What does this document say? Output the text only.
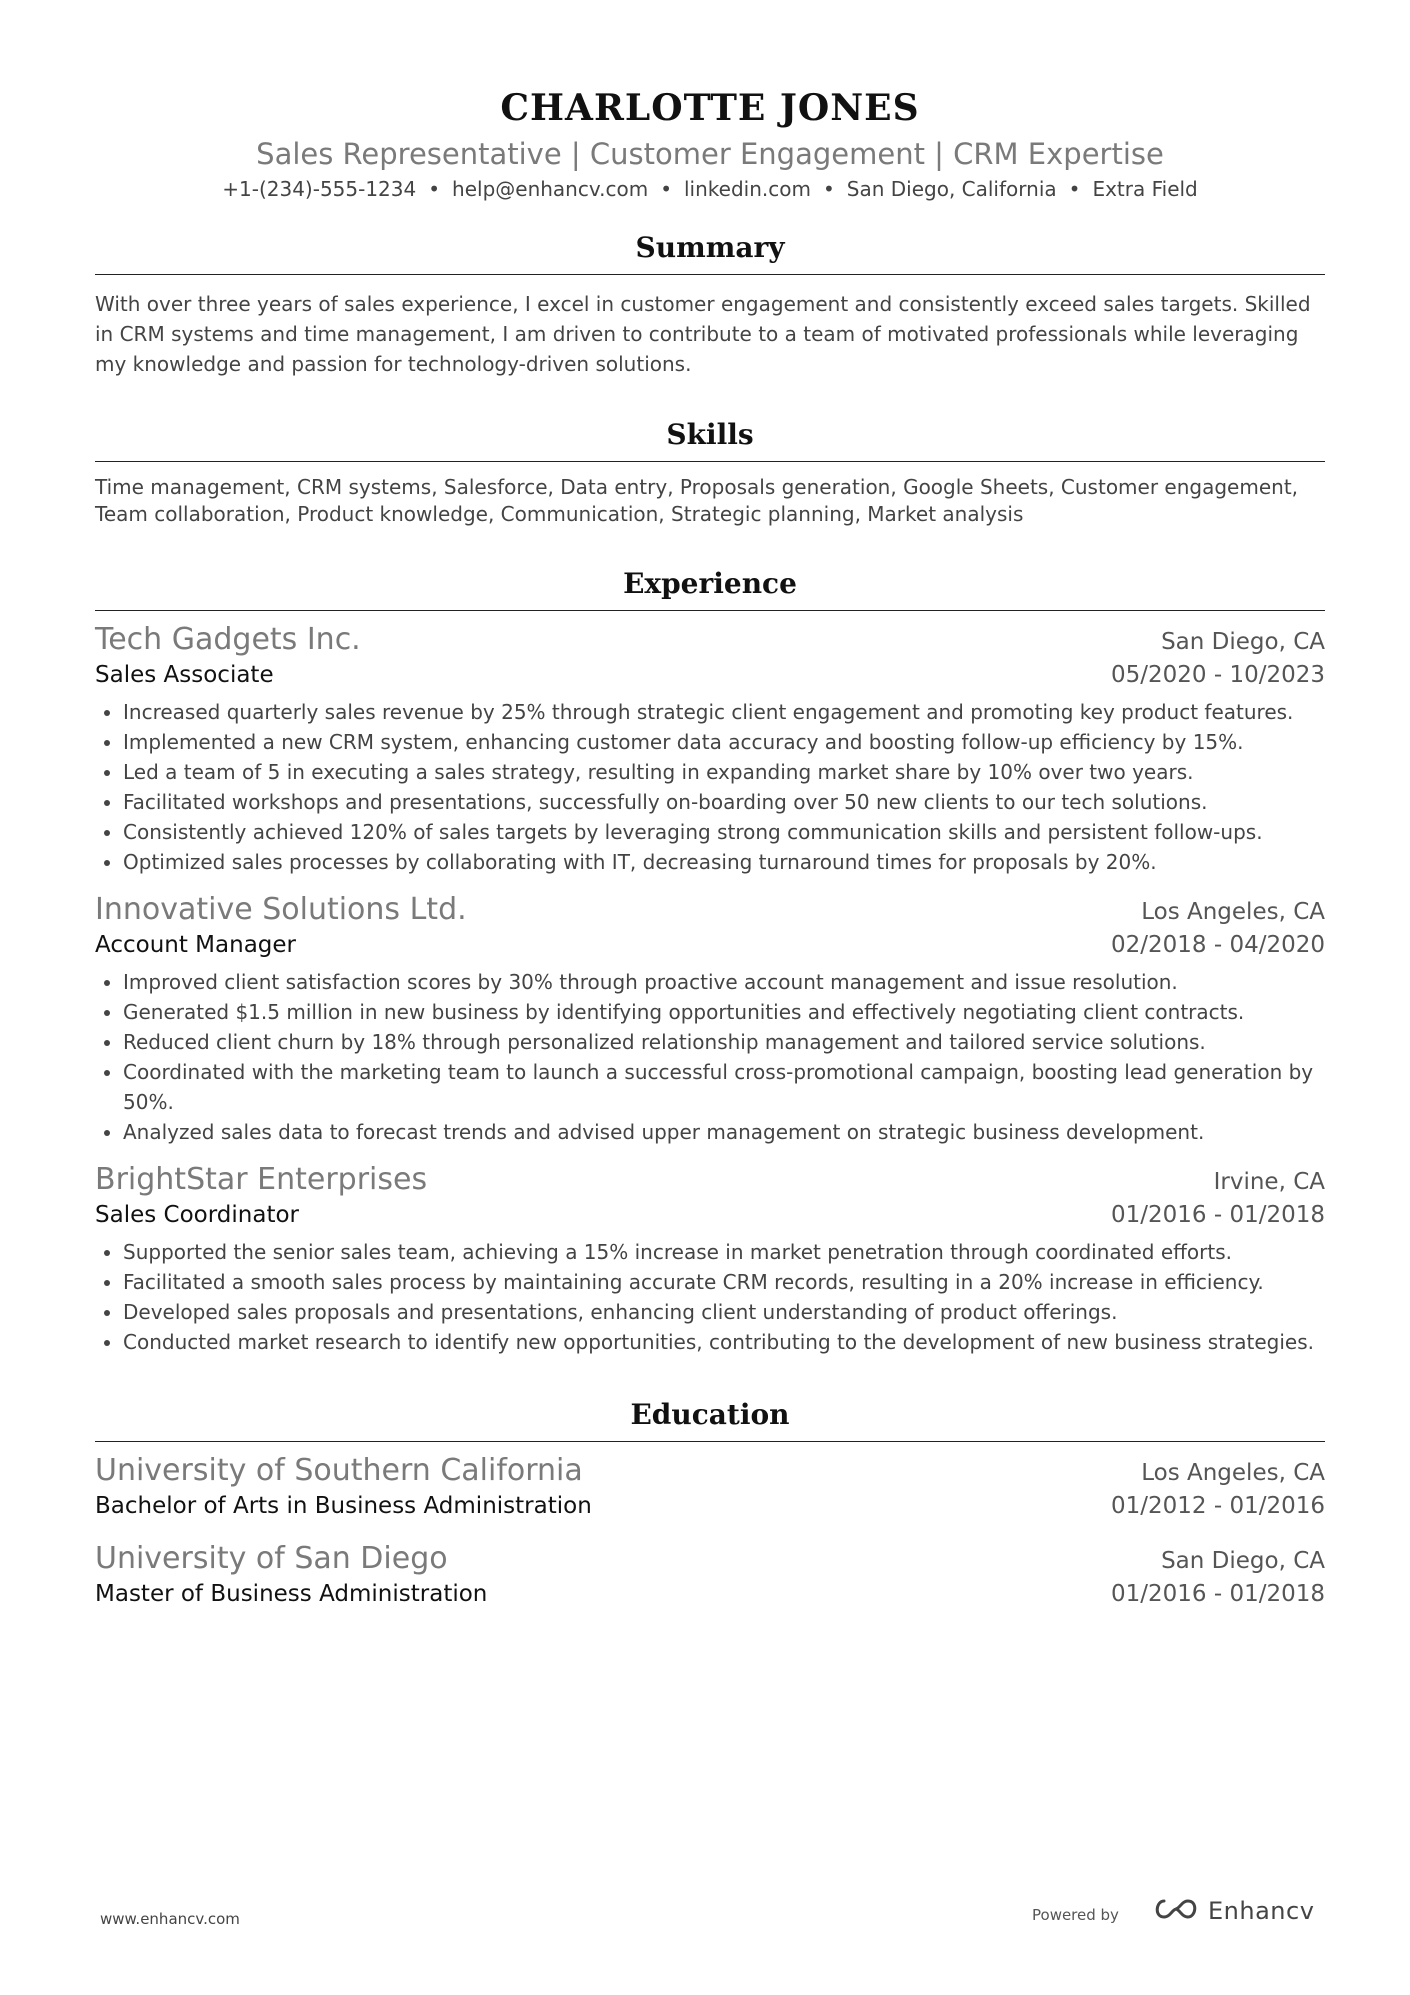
CHARLOTTE JONES
Sales Representative | Customer Engagement | CRM Expertise
+1-(234)-555-1234 • help@enhancv.com • linkedin.com • San Diego, California • Extra Field
Summary
With over three years of sales experience, I excel in customer engagement and consistently exceed sales targets. Skilled in CRM systems and time management, I am driven to contribute to a team of motivated professionals while leveraging my knowledge and passion for technology-driven solutions.
Skills
Time management, CRM systems, Salesforce, Data entry, Proposals generation, Google Sheets, Customer engagement, Team collaboration, Product knowledge, Communication, Strategic planning, Market analysis
Experience
Tech Gadgets Inc.	San Diego, CA
Sales Associate	05/2020 - 10/2023
• Increased quarterly sales revenue by 25% through strategic client engagement and promoting key product features.
• Implemented a new CRM system, enhancing customer data accuracy and boosting follow-up efficiency by 15%.
• Led a team of 5 in executing a sales strategy, resulting in expanding market share by 10% over two years.
• Facilitated workshops and presentations, successfully on-boarding over 50 new clients to our tech solutions.
• Consistently achieved 120% of sales targets by leveraging strong communication skills and persistent follow-ups.
• Optimized sales processes by collaborating with IT, decreasing turnaround times for proposals by 20%.
Innovative Solutions Ltd.	Los Angeles, CA
Account Manager	02/2018 - 04/2020
• Improved client satisfaction scores by 30% through proactive account management and issue resolution.
• Generated $1.5 million in new business by identifying opportunities and effectively negotiating client contracts.
• Reduced client churn by 18% through personalized relationship management and tailored service solutions.
• Coordinated with the marketing team to launch a successful cross-promotional campaign, boosting lead generation by 50%.
• Analyzed sales data to forecast trends and advised upper management on strategic business development.
BrightStar Enterprises	Irvine, CA
Sales Coordinator	01/2016 - 01/2018
• Supported the senior sales team, achieving a 15% increase in market penetration through coordinated efforts.
• Facilitated a smooth sales process by maintaining accurate CRM records, resulting in a 20% increase in efficiency.
• Developed sales proposals and presentations, enhancing client understanding of product offerings.
• Conducted market research to identify new opportunities, contributing to the development of new business strategies.
Education
University of Southern California	Los Angeles, CA
Bachelor of Arts in Business Administration	01/2012 - 01/2016
University of San Diego	San Diego, CA
Master of Business Administration	01/2016 - 01/2018
www.enhancv.com	Powered by	Enhancv
